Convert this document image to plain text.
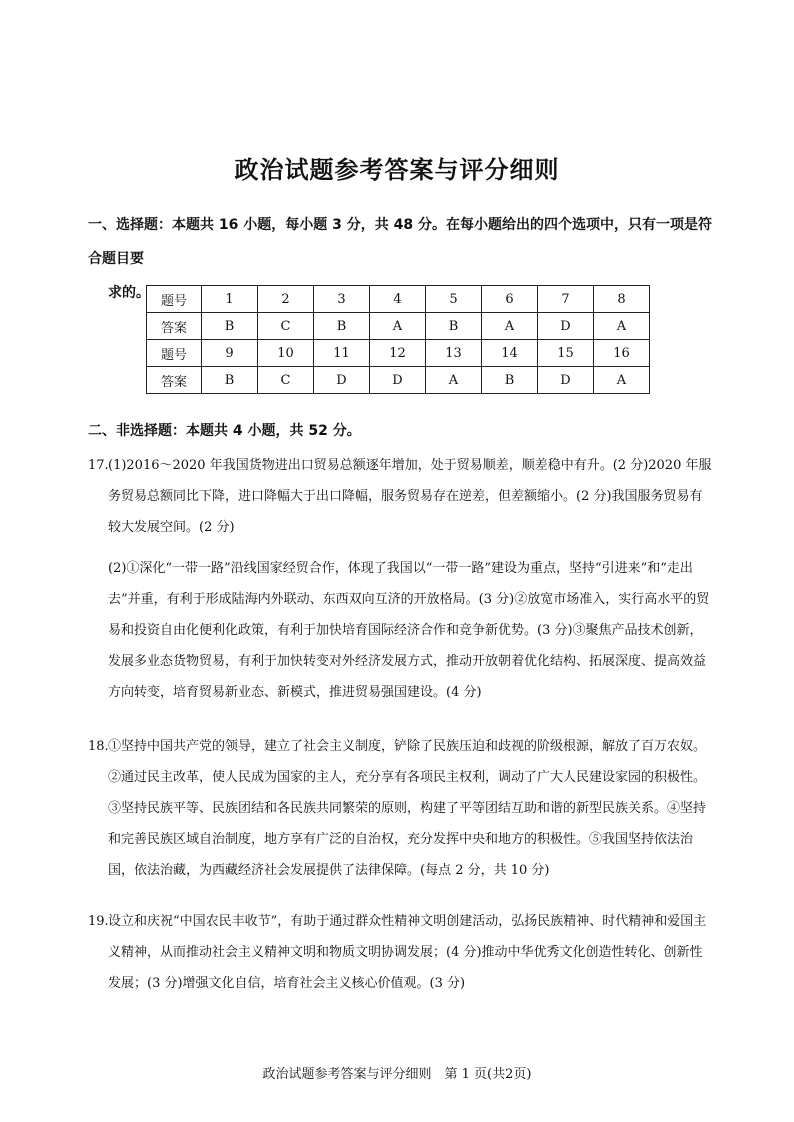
政治试题参考答案与评分细则
一、选择题：本题共 16 小题，每小题 3 分，共 48 分。在每小题给出的四个选项中，只有一项是符合题目要
求的。 题号	1	2	3	4	5	6	7	8
答案	B	C	B	A	B	A	D	A
题号	9	10	11	12	13	14	15	16
答案	B	C	D	D	A	B	D	A
二、非选择题：本题共 4 小题，共 52 分。
17. (1)2016～2020 年我国货物进出口贸易总额逐年增加，处于贸易顺差，顺差稳中有升。(2 分)2020 年服务贸易总额同比下降，进口降幅大于出口降幅，服务贸易存在逆差，但差额缩小。(2 分)我国服务贸易有较大发展空间。(2 分)
(2)①深化“一带一路”沿线国家经贸合作，体现了我国以“一带一路”建设为重点，坚持“引进来”和“走出去”并重，有利于形成陆海内外联动、东西双向互济的开放格局。(3 分)②放宽市场准入，实行高水平的贸易和投资自由化便利化政策，有利于加快培育国际经济合作和竞争新优势。(3 分)③聚焦产品技术创新，发展多业态货物贸易，有利于加快转变对外经济发展方式，推动开放朝着优化结构、拓展深度、提高效益方向转变，培育贸易新业态、新模式，推进贸易强国建设。(4 分)
18. ①坚持中国共产党的领导，建立了社会主义制度，铲除了民族压迫和歧视的阶级根源，解放了百万农奴。②通过民主改革，使人民成为国家的主人，充分享有各项民主权利，调动了广大人民建设家园的积极性。③坚持民族平等、民族团结和各民族共同繁荣的原则，构建了平等团结互助和谐的新型民族关系。④坚持和完善民族区域自治制度，地方享有广泛的自治权，充分发挥中央和地方的积极性。⑤我国坚持依法治国，依法治藏，为西藏经济社会发展提供了法律保障。(每点 2 分，共 10 分)
19. 设立和庆祝“中国农民丰收节”，有助于通过群众性精神文明创建活动，弘扬民族精神、时代精神和爱国主义精神，从而推动社会主义精神文明和物质文明协调发展；(4 分)推动中华优秀文化创造性转化、创新性发展；(3 分)增强文化自信，培育社会主义核心价值观。(3 分)
政治试题参考答案与评分细则　第 1 页(共2页)
